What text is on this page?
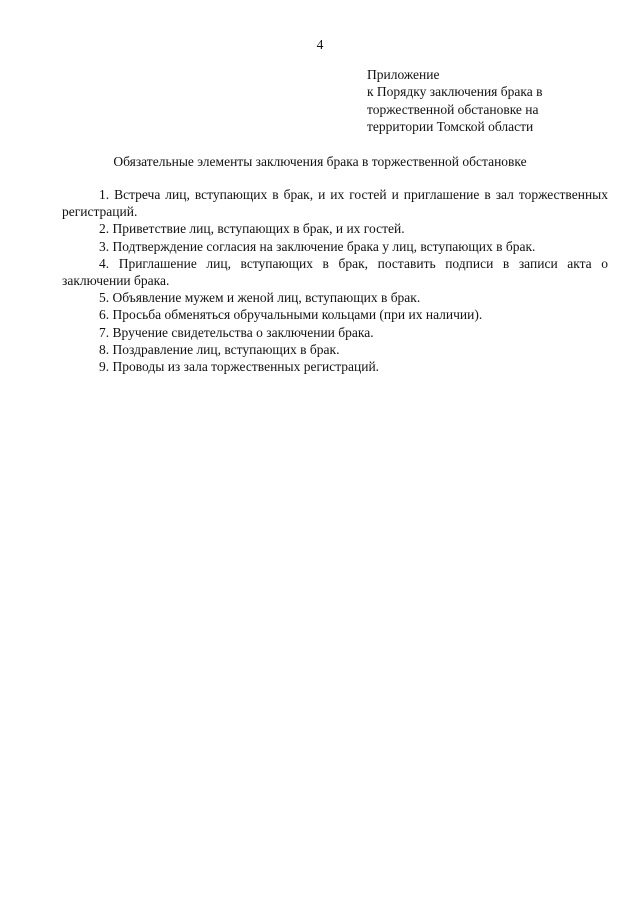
4
Приложение
к Порядку заключения брака в
торжественной обстановке на
территории Томской области
Обязательные элементы заключения брака в торжественной обстановке
1. Встреча лиц, вступающих в брак, и их гостей и приглашение в зал торжественных регистраций.
2. Приветствие лиц, вступающих в брак, и их гостей.
3. Подтверждение согласия на заключение брака у лиц, вступающих в брак.
4. Приглашение лиц, вступающих в брак, поставить подписи в записи акта о заключении брака.
5. Объявление мужем и женой лиц, вступающих в брак.
6. Просьба обменяться обручальными кольцами (при их наличии).
7. Вручение свидетельства о заключении брака.
8. Поздравление лиц, вступающих в брак.
9. Проводы из зала торжественных регистраций.
